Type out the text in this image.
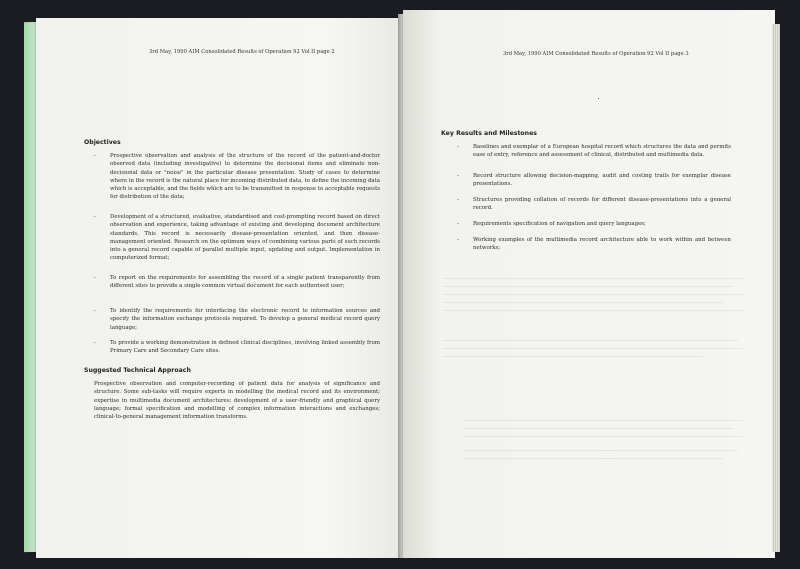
3rd May, 1990 AIM Consolidated Results of Operation 92 Vol II page 2
Objectives
-	Prospective observation and analysis of the structure of the record of the patient-and-doctor observed data (including investigative) to determine the decisional items and eliminate non-decisional data or "noise" in the particular disease presentation. Study of cases to determine where in the record is the natural place for incoming distributed data, to define the incoming data which is acceptable, and the fields which are to be transmitted in response to acceptable requests for distribution of the data;

-	Development of a structured, evaluative, standardised and cost-prompting record based on direct observation and experience, taking advantage of existing and developing document architecture standards. This record is necessarily disease-presentation oriented, and then disease-management oriented. Research on the optimum ways of combining various parts of such records into a general record capable of parallel multiple input, updating and output. Implementation in computerized format;

-	To report on the requirements for assembling the record of a single patient transparently from different sites to provide a single common virtual document for each authorised user;

-	To identify the requirements for interfacing the electronic record to information sources and specify the information exchange protocols required. To develop a general medical record query language;

-	To provide a working demonstration in defined clinical disciplines, involving linked assembly from Primary Care and Secondary Care sites.

Suggested Technical Approach

Prospective observation and computer-recording of patient data for analysis of significance and structure. Some sub-tasks will require experts in modelling the medical record and its environment; expertise in multimedia document architectures; development of a user-friendly and graphical query language; formal specification and modelling of complex information interactions and exchanges; clinical-to-general management information transforms.

3rd May, 1990 AIM Consolidated Results of Operation 92 Vol II page 3
Key Results and Milestones
-	Baselines and exemplar of a European hospital record which structures the data and permits ease of entry, reference and assessment of clinical, distributed and multimedia data.

-	Record structure allowing decision-mapping, audit and costing trails for exemplar disease presentations.

-	Structures providing collation of records for different disease-presentations into a general record.

-	Requirements specification of navigation and query languages;

-	Working examples of the multimedia record architecture able to work within and between networks;
